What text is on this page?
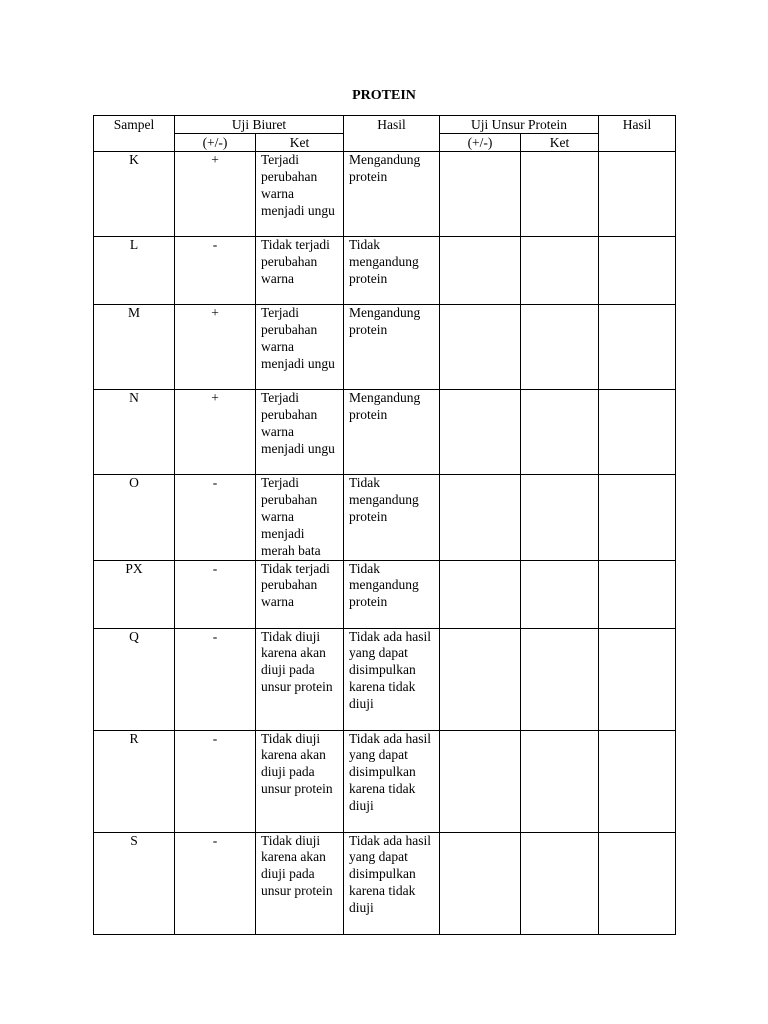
PROTEIN
Sampel	Uji Biuret		Hasil	Uji Unsur Protein		Hasil
	(+/-)	Ket		(+/-)	Ket	
K	+	Terjadi perubahan warna menjadi ungu	Mengandung protein			
L	-	Tidak terjadi perubahan warna	Tidak mengandung protein			
M	+	Terjadi perubahan warna menjadi ungu	Mengandung protein			
N	+	Terjadi perubahan warna menjadi ungu	Mengandung protein			
O	-	Terjadi perubahan warna menjadi merah bata	Tidak mengandung protein			
PX	-	Tidak terjadi perubahan warna	Tidak mengandung protein			
Q	-	Tidak diuji karena akan diuji pada unsur protein	Tidak ada hasil yang dapat disimpulkan karena tidak diuji			
R	-	Tidak diuji karena akan diuji pada unsur protein	Tidak ada hasil yang dapat disimpulkan karena tidak diuji			
S	-	Tidak diuji karena akan diuji pada unsur protein	Tidak ada hasil yang dapat disimpulkan karena tidak diuji			
